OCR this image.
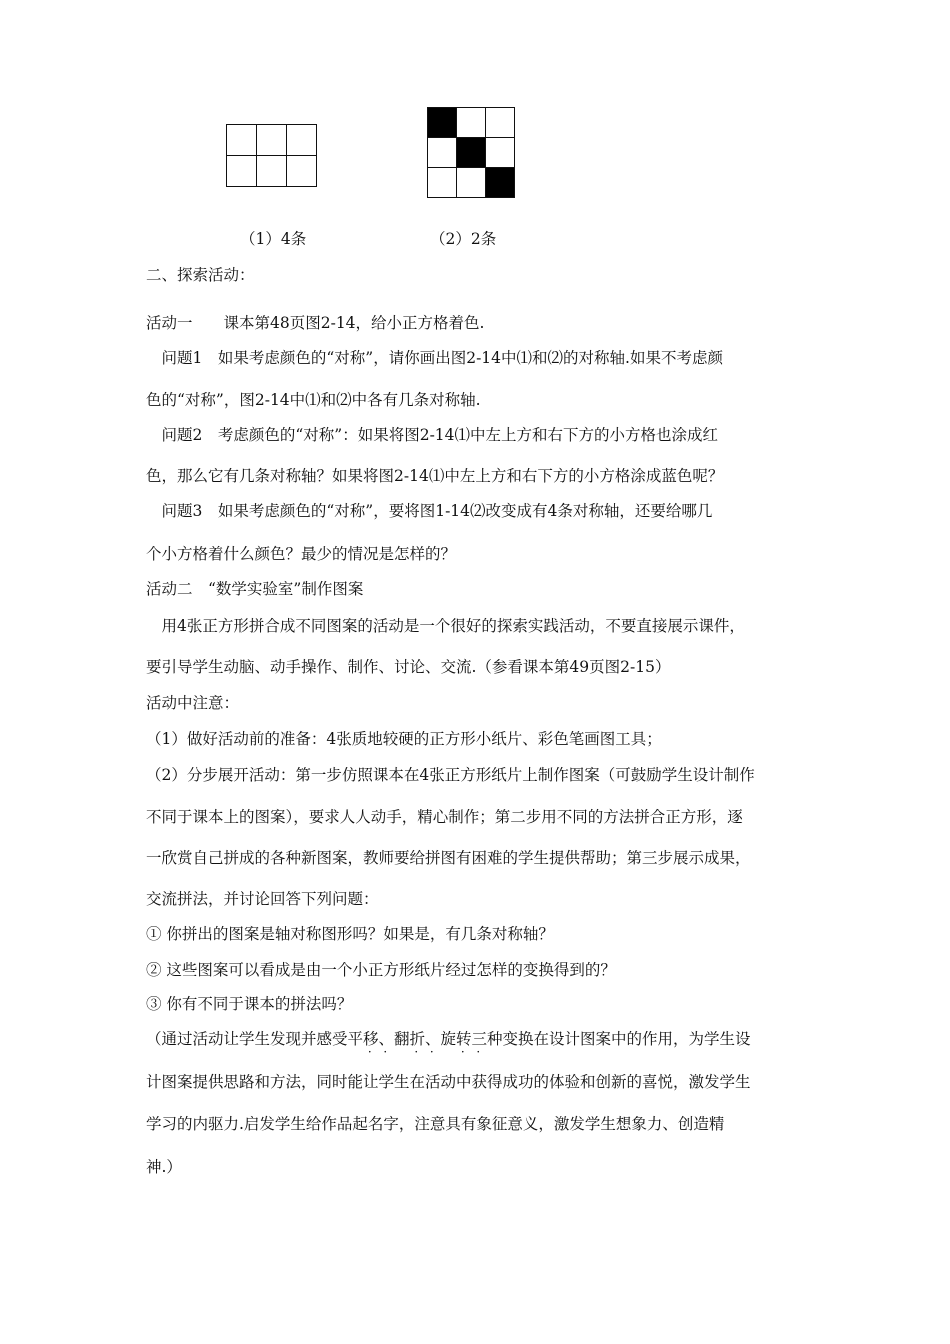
（1）4条

			（2）2条
二、探索活动：
活动一　　课本第48页图2-14，给小正方格着色.
　问题1　如果考虑颜色的“对称”，请你画出图2-14中⑴和⑵的对称轴.如果不考虑颜
色的“对称”，图2-14中⑴和⑵中各有几条对称轴.
　问题2　考虑颜色的“对称”：如果将图2-14⑴中左上方和右下方的小方格也涂成红
色，那么它有几条对称轴？如果将图2-14⑴中左上方和右下方的小方格涂成蓝色呢？
　问题3　如果考虑颜色的“对称”，要将图1-14⑵改变成有4条对称轴，还要给哪几
个小方格着什么颜色？最少的情况是怎样的？
活动二　“数学实验室”制作图案
　用4张正方形拼合成不同图案的活动是一个很好的探索实践活动，不要直接展示课件，
要引导学生动脑、动手操作、制作、讨论、交流.（参看课本第49页图2-15）
活动中注意：
（1）做好活动前的准备：4张质地较硬的正方形小纸片、彩色笔画图工具；
（2）分步展开活动：第一步仿照课本在4张正方形纸片上制作图案（可鼓励学生设计制作
不同于课本上的图案），要求人人动手，精心制作；第二步用不同的方法拼合正方形，逐
一欣赏自己拼成的各种新图案，教师要给拼图有困难的学生提供帮助；第三步展示成果，
交流拼法，并讨论回答下列问题：
① 你拼出的图案是轴对称图形吗？如果是，有几条对称轴？
② 这些图案可以看成是由一个小正方形纸片经过怎样的变换得到的？
③ 你有不同于课本的拼法吗？
（通过活动让学生发现并感受平移、翻折、旋转三种变换在设计图案中的作用，为学生设
计图案提供思路和方法，同时能让学生在活动中获得成功的体验和创新的喜悦，激发学生
学习的内驱力.启发学生给作品起名字，注意具有象征意义，激发学生想象力、创造精
神.）
· · · · · ·
